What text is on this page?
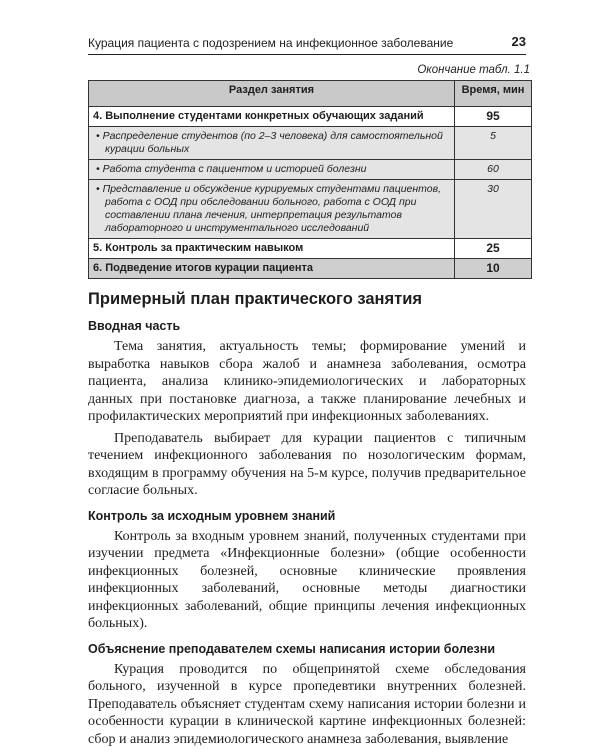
Курация пациента с подозрением на инфекционное заболевание	23
Окончание табл. 1.1
Раздел занятия	Время, мин
4. Выполнение студентами конкретных обучающих заданий	95
• Распределение студентов (по 2–3 человека) для самостоятельной курации больных	5
• Работа студента с пациентом и историей болезни	60
• Представление и обсуждение курируемых студентами пациентов, работа с ООД при обследовании больного, работа с ООД при составлении плана лечения, интерпретация результатов лабораторного и инструментального исследований	30
5. Контроль за практическим навыком	25
6. Подведение итогов курации пациента	10
Примерный план практического занятия
Вводная часть

Тема занятия, актуальность темы; формирование умений и выработка навыков сбора жалоб и анамнеза заболевания, осмотра пациента, анализа клинико-эпидемиологических и лабораторных данных при постановке диагноза, а также планирование лечебных и профилактических мероприятий при инфекционных заболеваниях.

Преподаватель выбирает для курации пациентов с типичным течением инфекционного заболевания по нозологическим формам, входящим в программу обучения на 5-м курсе, получив предварительное согласие больных.

Контроль за исходным уровнем знаний

Контроль за входным уровнем знаний, полученных студентами при изучении предмета «Инфекционные болезни» (общие особенности инфекционных болезней, основные клинические проявления инфекционных заболеваний, основные методы диагностики инфекционных заболеваний, общие принципы лечения инфекционных больных).

Объяснение преподавателем схемы написания истории болезни

Курация проводится по общепринятой схеме обследования больного, изученной в курсе пропедевтики внутренних болезней. Преподаватель объясняет студентам схему написания истории болезни и особенности курации в клинической картине инфекционных болезней: сбор и анализ эпидемиологического анамнеза заболевания, выявление
